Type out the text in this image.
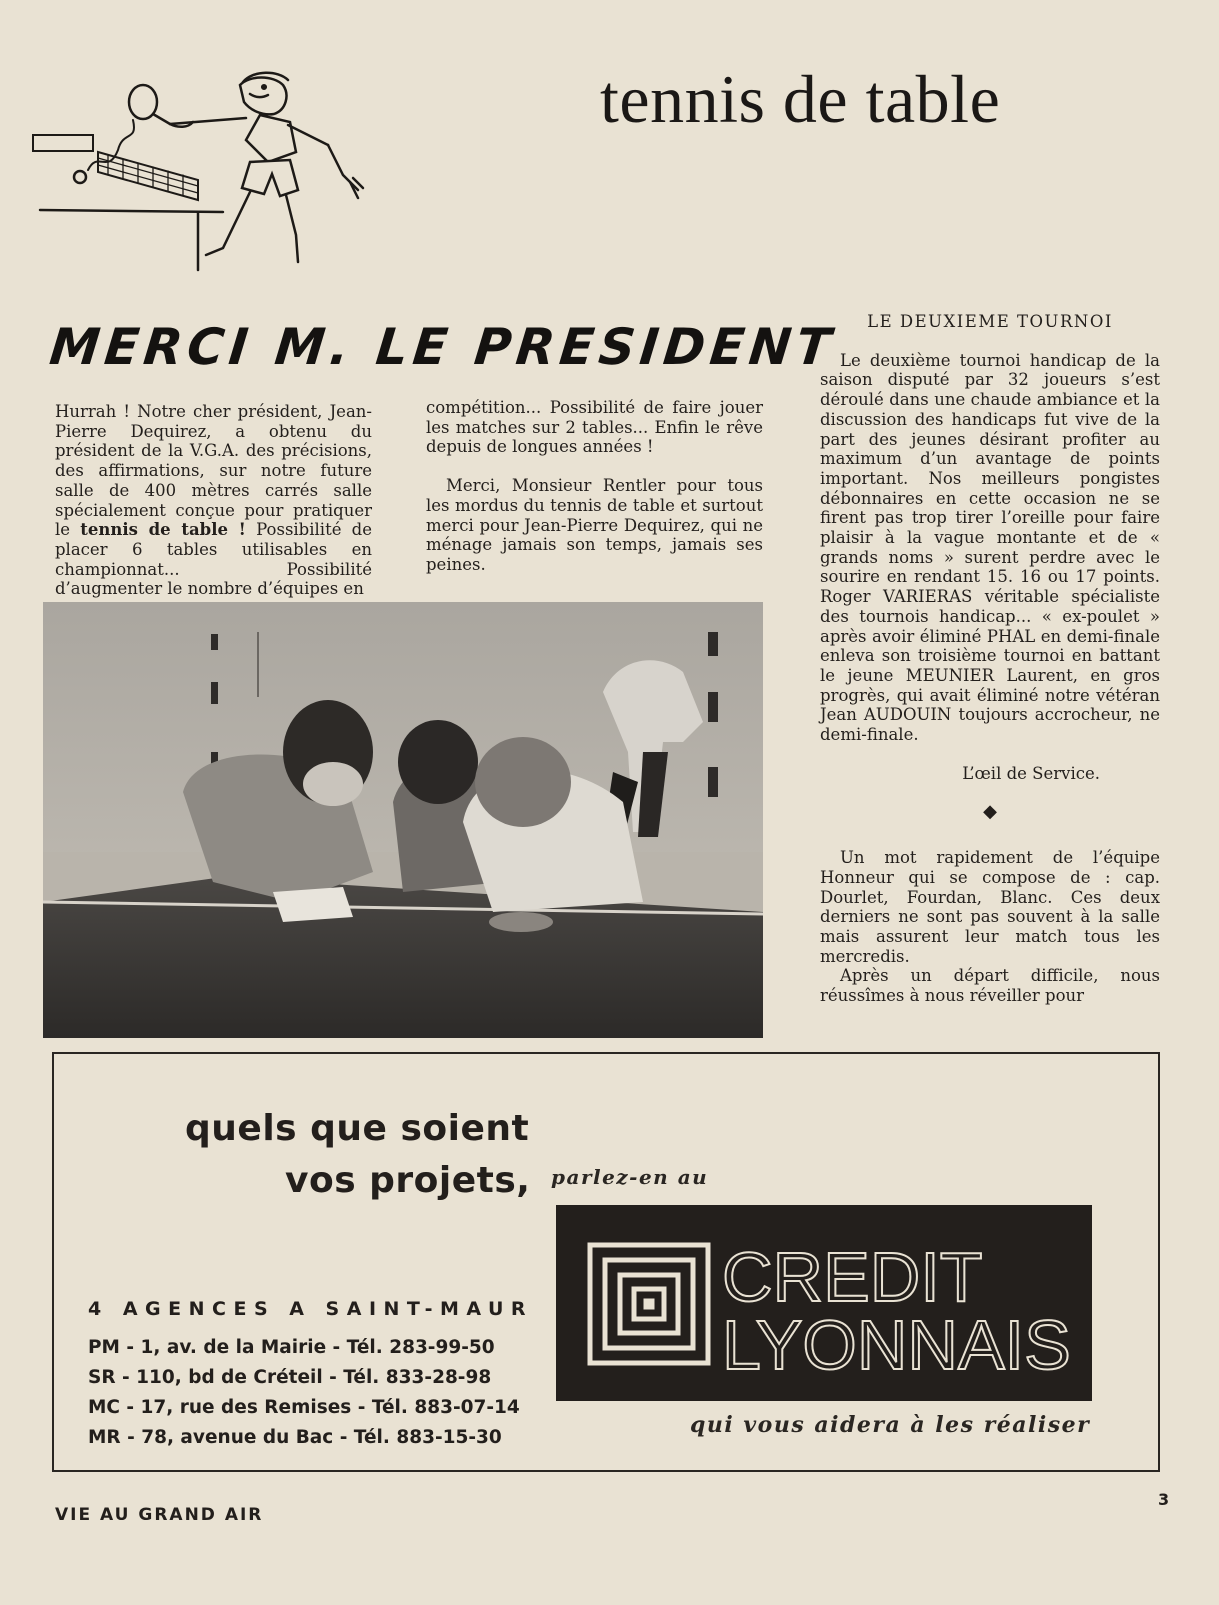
tennis de table
MERCI M. LE PRESIDENT

Hurrah ! Notre cher président, Jean-Pierre Dequirez, a obtenu du président de la V.G.A. des précisions, des affirmations, sur notre future salle de 400 mètres carrés salle spécialement conçue pour pratiquer le tennis de table ! Possibilité de placer 6 tables utilisables en championnat... Possibilité d’augmenter le nombre d’équipes en

compétition... Possibilité de faire jouer les matches sur 2 tables... Enfin le rêve depuis de longues années !

Merci, Monsieur Rentler pour tous les mordus du tennis de table et surtout merci pour Jean-Pierre Dequirez, qui ne ménage jamais son temps, jamais ses peines.

LE DEUXIEME TOURNOI

Le deuxième tournoi handicap de la saison disputé par 32 joueurs s’est déroulé dans une chaude ambiance et la discussion des handicaps fut vive de la part des jeunes désirant profiter au maximum d’un avantage de points important. Nos meilleurs pongistes débonnaires en cette occasion ne se firent pas trop tirer l’oreille pour faire plaisir à la vague montante et de « grands noms » surent perdre avec le sourire en rendant 15. 16 ou 17 points. Roger VARIERAS véritable spécialiste des tournois handicap... « ex-poulet » après avoir éliminé PHAL en demi-finale enleva son troisième tournoi en battant le jeune MEUNIER Laurent, en gros progrès, qui avait éliminé notre vétéran Jean AUDOUIN toujours accrocheur, ne demi-finale.

L’œil de Service.

◆

Un mot rapidement de l’équipe Honneur qui se compose de : cap. Dourlet, Fourdan, Blanc. Ces deux derniers ne sont pas souvent à la salle mais assurent leur match tous les mercredis.

Après un départ difficile, nous réussîmes à nous réveiller pour

quels que soient
vos projets, parlez-en au
4 AGENCES A SAINT-MAUR
PM - 1, av. de la Mairie - Tél. 283-99-50
SR - 110, bd de Créteil - Tél. 833-28-98
MC - 17, rue des Remises - Tél. 883-07-14
MR - 78, avenue du Bac - Tél. 883-15-30
CREDIT
LYONNAIS
qui vous aidera à les réaliser
VIE AU GRAND AIR
3
